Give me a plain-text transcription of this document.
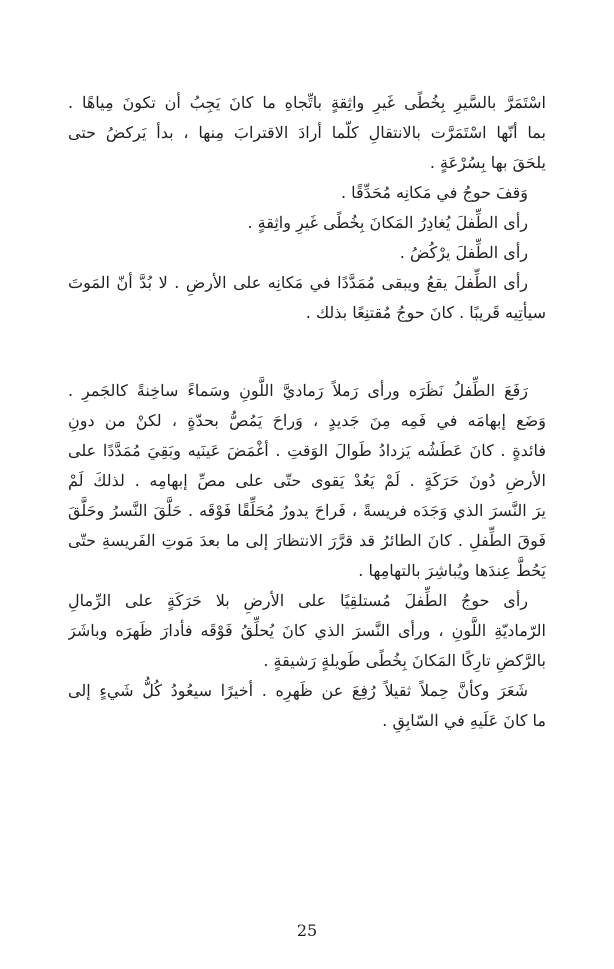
اسْتَمَرَّ بالسَّيرِ بِخُطًى غَيرِ واثِقةٍ باتِّجاهِ ما كانَ يَجِبُ أن تكونَ مِياهًا .
بما أنّها اسْتَمَرَّت بالانتقالِ كلّما أرادَ الاقترابَ مِنها ، بدأ يَركضُ حتى
يلحَقَ بها بِسُرْعَةٍ .
وَقفَ حوجُ في مَكانِه مُحَدِّقًا .
رأى الطِّفلَ يُغادِرُ المَكانَ بِخُطًى غَيرِ واثِقةٍ .
رأى الطِّفلَ يرْكُضُ .
رأى الطِّفلَ يقعُ ويبقى مُمَدَّدًا في مَكانِه على الأرضِ . لا بُدَّ أنّ المَوتَ
سيأتِيه قَريبًا . كانَ حوجُ مُقتنِعًا بذلك .
رَفَعَ الطِّفلُ نَظَرَه ورأى رَملاً رَماديَّ اللَّونِ وسَماءً ساخِنةً كالجَمرِ .
وَضَع إبهامَه في فَمِه مِنَ جَديدٍ ، وَراحَ يَمُصُّ بحدّةٍ ، لكنْ من دونِ
فائدةٍ . كانَ عَطَشُه يَزدادُ طَوالَ الوَقتِ . أغْمَضَ عَينَيه وبَقِيَ مُمَدَّدًا على
الأرضِ دُونَ حَرَكَةٍ . لَمْ يَعُدْ يَقوى حتّى على مصِّ إبهامِه . لذلكَ لَمْ
يرَ النَّسرَ الذي وَجَدَه فريسةً ، فَراحَ يدورُ مُحَلِّقًا فَوْقَه . حَلَّقَ النَّسرُ وحَلَّقَ
فَوقَ الطِّفلِ . كانَ الطائرُ قد قرَّرَ الانتظارَ إلى ما بعدَ مَوتِ الفَريسةِ حتّى
يَحُطَّ عِندَها ويُباشِرَ بالتهامِها .
رأى حوجُ الطِّفلَ مُستلقِيًا على الأرضِ بلا حَرَكَةٍ على الرِّمالِ
الرّماديّةِ اللَّونِ ، ورأى النَّسرَ الذي كانَ يُحلِّقُ فَوْقَه فأدارَ ظَهرَه وباشَرَ
بالرَّكضِ تارِكًا المَكانَ بِخُطًى طَويلةٍ رَشيقةٍ .
شَعَرَ وكأنَّ حِملاً ثقيلاً رُفِعَ عن ظَهرِه . أخيرًا سيعُودُ كُلُّ شَيءٍ إلى
ما كانَ عَلَيهِ في السّابِقِ .
25
